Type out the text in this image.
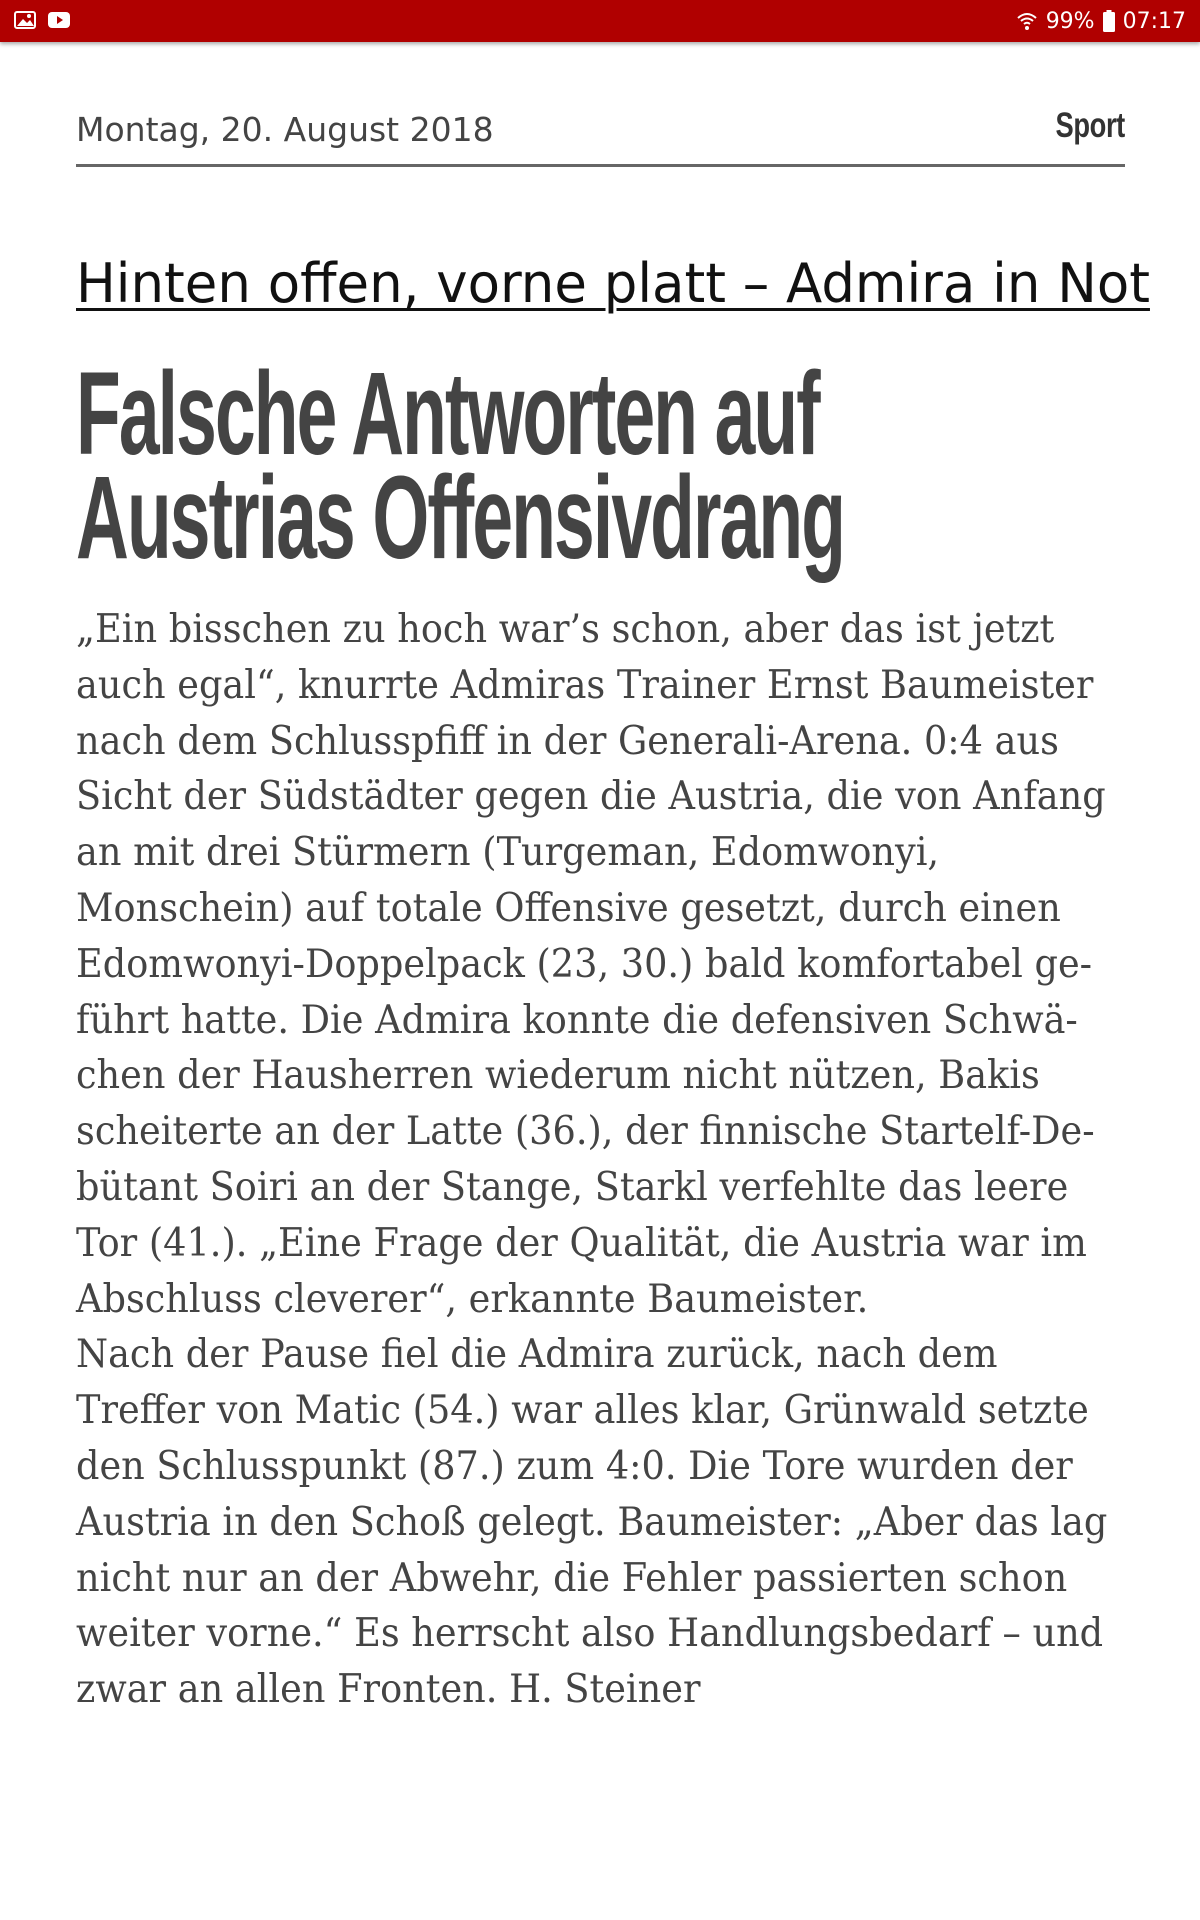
99% 07:17
Montag, 20. August 2018	Sport
Hinten offen, vorne platt – Admira in Not
Falsche Antworten auf
Austrias Offensivdrang
„Ein bisschen zu hoch war’s schon, aber das ist jetzt
auch egal“, knurrte Admiras Trainer Ernst Baumeister
nach dem Schlusspfiff in der Generali-Arena. 0:4 aus
Sicht der Südstädter gegen die Austria, die von Anfang
an mit drei Stürmern (Turgeman, Edomwonyi,
Monschein) auf totale Offensive gesetzt, durch einen
Edomwonyi-Doppelpack (23, 30.) bald komfortabel ge-
führt hatte. Die Admira konnte die defensiven Schwä-
chen der Hausherren wiederum nicht nützen, Bakis
scheiterte an der Latte (36.), der finnische Startelf-De-
bütant Soiri an der Stange, Starkl verfehlte das leere
Tor (41.). „Eine Frage der Qualität, die Austria war im
Abschluss cleverer“, erkannte Baumeister.
Nach der Pause fiel die Admira zurück, nach dem
Treffer von Matic (54.) war alles klar, Grünwald setzte
den Schlusspunkt (87.) zum 4:0. Die Tore wurden der
Austria in den Schoß gelegt. Baumeister: „Aber das lag
nicht nur an der Abwehr, die Fehler passierten schon
weiter vorne.“ Es herrscht also Handlungsbedarf – und
zwar an allen Fronten. H. Steiner
